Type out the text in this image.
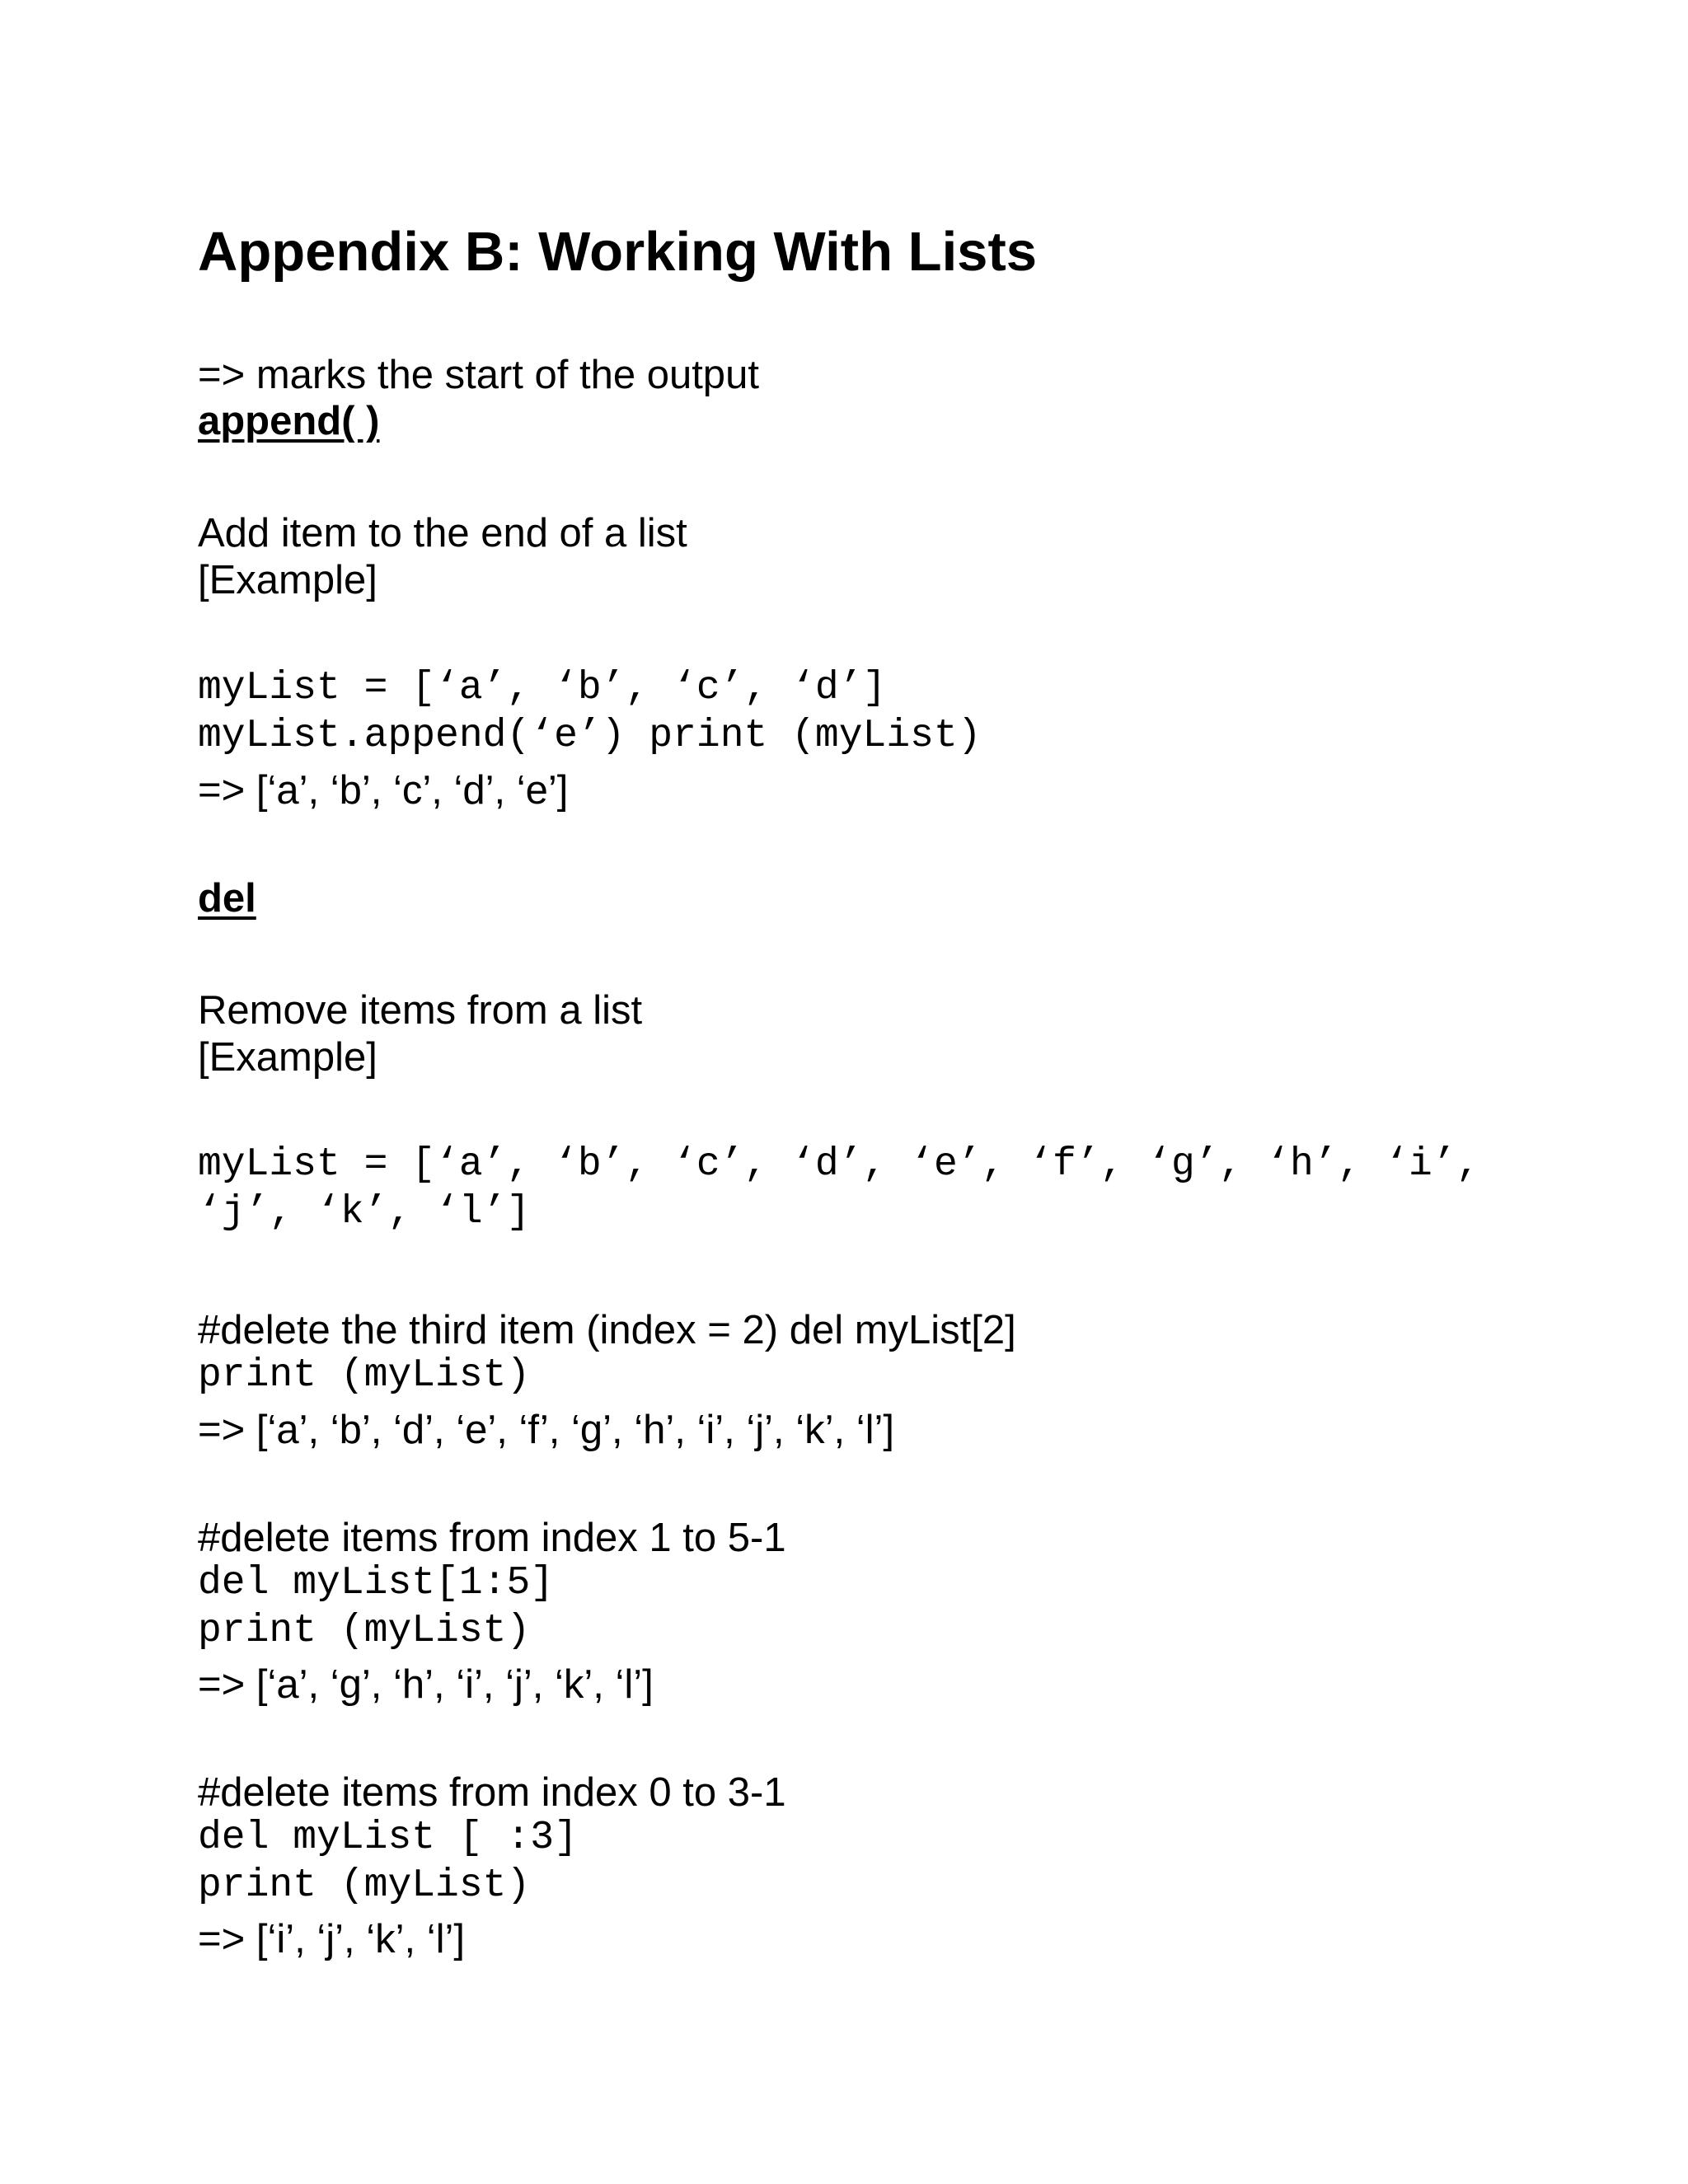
Appendix B: Working With Lists
=> marks the start of the output
append( )
Add item to the end of a list
[Example]
myList = [‘a’, ‘b’, ‘c’, ‘d’]
myList.append(‘e’) print (myList)
=> [‘a’, ‘b’, ‘c’, ‘d’, ‘e’]
del
Remove items from a list
[Example]
myList = [‘a’, ‘b’, ‘c’, ‘d’, ‘e’, ‘f’, ‘g’, ‘h’, ‘i’,
‘j’, ‘k’, ‘l’]
#delete the third item (index = 2) del myList[2]
print (myList)
=> [‘a’, ‘b’, ‘d’, ‘e’, ‘f’, ‘g’, ‘h’, ‘i’, ‘j’, ‘k’, ‘l’]
#delete items from index 1 to 5-1
del myList[1:5]
print (myList)
=> [‘a’, ‘g’, ‘h’, ‘i’, ‘j’, ‘k’, ‘l’]
#delete items from index 0 to 3-1
del myList [ :3]
print (myList)
=> [‘i’, ‘j’, ‘k’, ‘l’]
